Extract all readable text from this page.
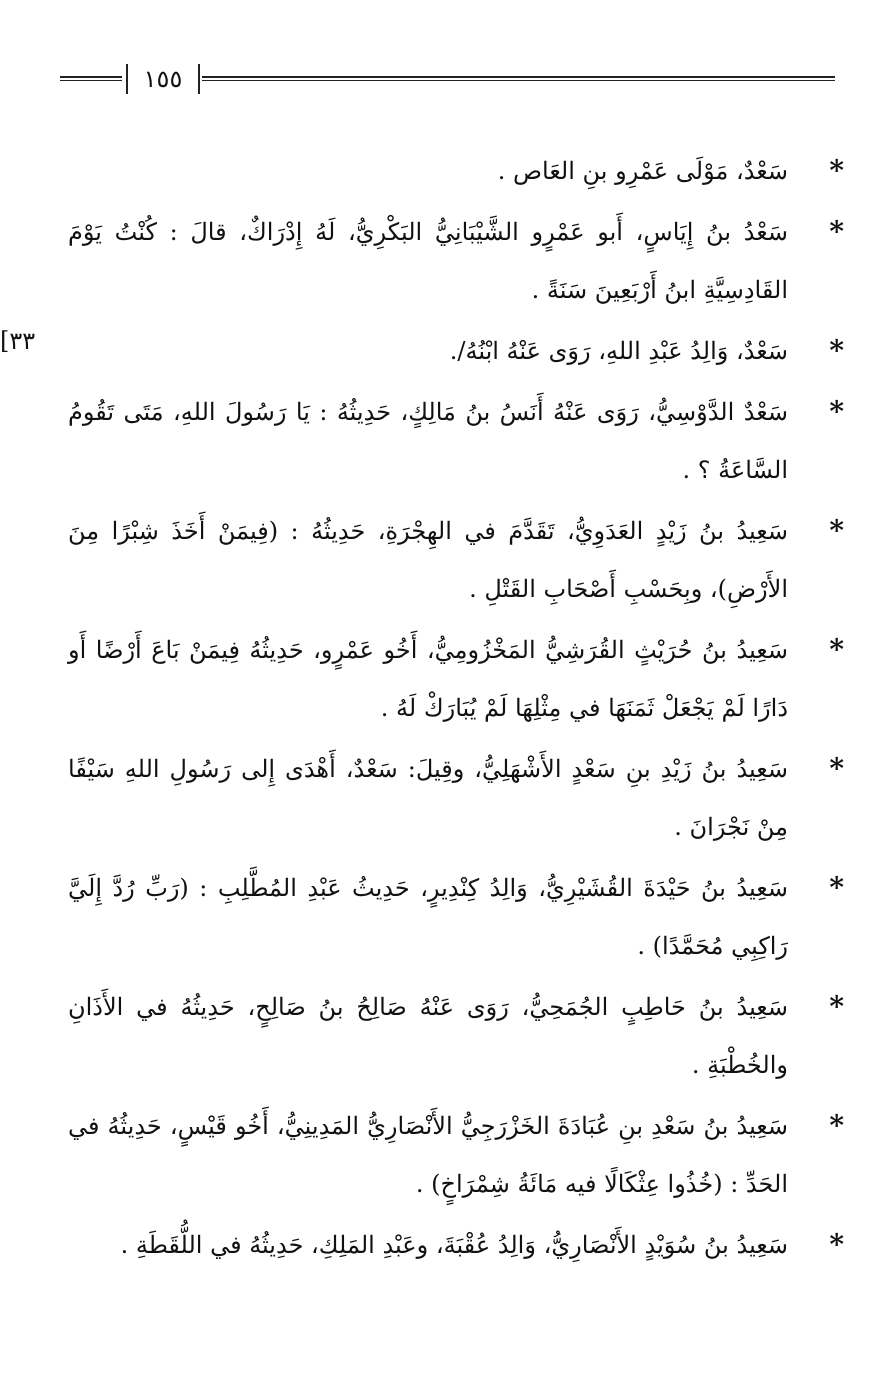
١٥٥
[٣٣
*
سَعْدٌ، مَوْلَى عَمْرِو بنِ العَاص .
*
سَعْدُ بنُ إِيَاسٍ، أَبو عَمْرٍو الشَّيْبَانِيُّ البَكْرِيُّ، لَهُ إِدْرَاكٌ، قالَ : كُنْتُ يَوْمَ القَادِسِيَّةِ ابنُ أَرْبَعِينَ سَنَةً .
*
سَعْدٌ، وَالِدُ عَبْدِ اللهِ، رَوَى عَنْهُ ابْنُهُ/.
*
سَعْدٌ الدَّوْسِيُّ، رَوَى عَنْهُ أَنَسُ بنُ مَالِكٍ، حَدِيثُهُ : يَا رَسُولَ اللهِ، مَتَى تَقُومُ السَّاعَةُ ؟ .
*
سَعِيدُ بنُ زَيْدٍ العَدَوِيُّ، تَقَدَّمَ في الهِجْرَةِ، حَدِيثُهُ : (فِيمَنْ أَخَذَ شِبْرًا مِنَ الأَرْضِ)، وبِحَسْبِ أَصْحَابِ القَتْلِ .
*
سَعِيدُ بنُ حُرَيْثٍ القُرَشِيُّ المَخْزُومِيُّ، أَخُو عَمْرٍو، حَدِيثُهُ فِيمَنْ بَاعَ أَرْضًا أَو دَارًا لَمْ يَجْعَلْ ثَمَنَهَا في مِثْلِهَا لَمْ يُبَارَكْ لَهُ .
*
سَعِيدُ بنُ زَيْدِ بنِ سَعْدٍ الأَشْهَلِيُّ، وقِيلَ: سَعْدٌ، أَهْدَى إِلى رَسُولِ اللهِ سَيْفًا مِنْ نَجْرَانَ .
*
سَعِيدُ بنُ حَيْدَةَ القُشَيْرِيُّ، وَالِدُ كِنْدِيرٍ، حَدِيثُ عَبْدِ المُطَّلِبِ : (رَبِّ رُدَّ إِلَيَّ رَاكِبِي مُحَمَّدًا) .
*
سَعِيدُ بنُ حَاطِبٍ الجُمَحِيُّ، رَوَى عَنْهُ صَالِحُ بنُ صَالِحٍ، حَدِيثُهُ في الأَذَانِ والخُطْبَةِ .
*
سَعِيدُ بنُ سَعْدِ بنِ عُبَادَةَ الخَزْرَجِيُّ الأَنْصَارِيُّ المَدِينِيُّ، أَخُو قَيْسٍ، حَدِيثُهُ في الحَدِّ : (خُذُوا عِثْكَالًا فيه مَائَةُ شِمْرَاخٍ) .
*
سَعِيدُ بنُ سُوَيْدٍ الأَنْصَارِيُّ، وَالِدُ عُقْبَةَ، وعَبْدِ المَلِكِ، حَدِيثُهُ في اللُّقَطَةِ .
